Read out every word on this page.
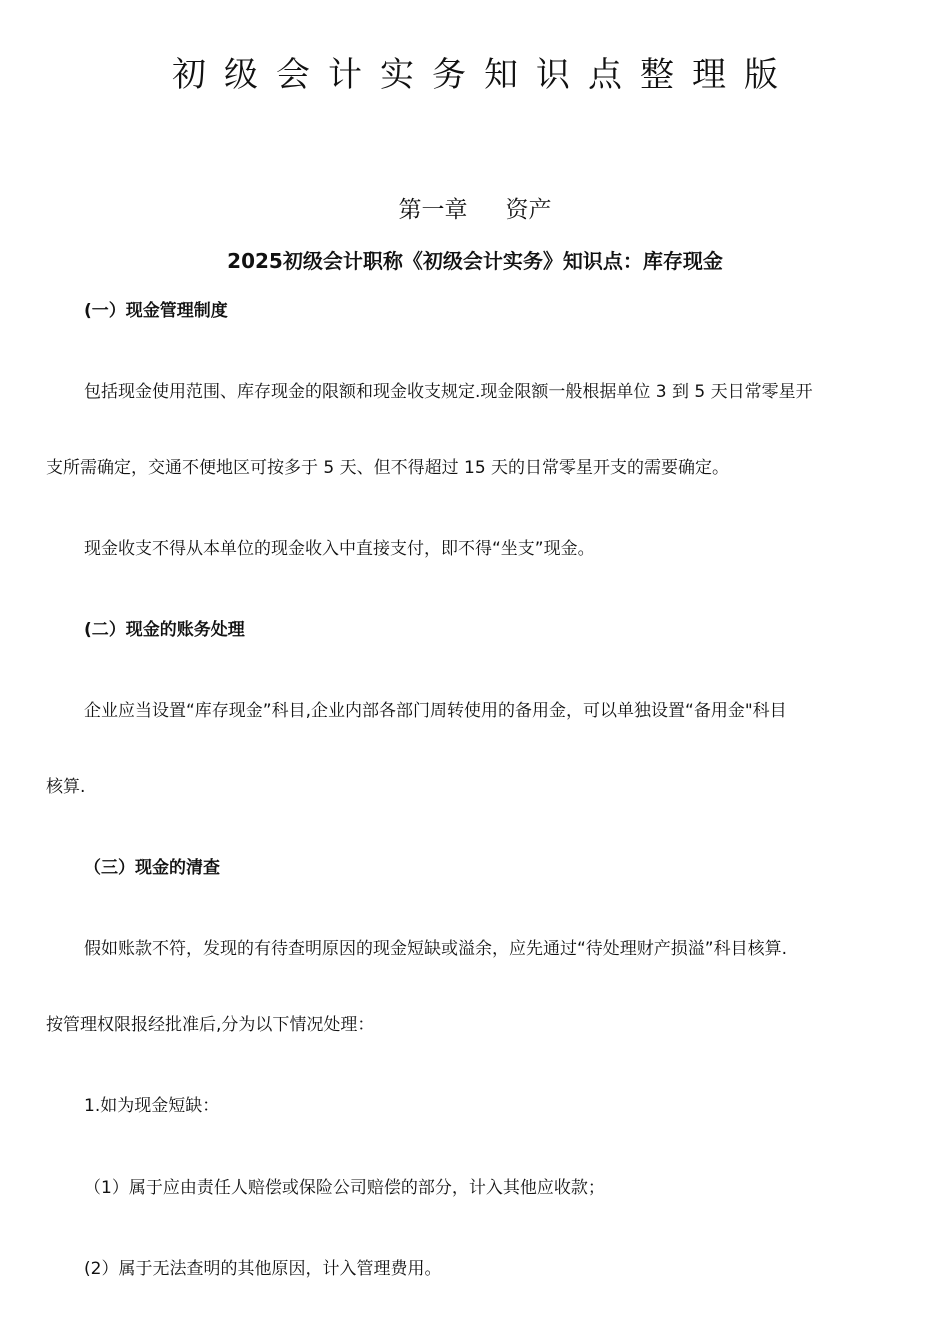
初级会计实务知识点整理版
第一章 资产
2025初级会计职称《初级会计实务》知识点：库存现金
(一）现金管理制度
包括现金使用范围、库存现金的限额和现金收支规定.现金限额一般根据单位 3 到 5 天日常零星开
支所需确定，交通不便地区可按多于 5 天、但不得超过 15 天的日常零星开支的需要确定。
现金收支不得从本单位的现金收入中直接支付，即不得“坐支”现金。
(二）现金的账务处理
企业应当设置“库存现金”科目,企业内部各部门周转使用的备用金，可以单独设置“备用金"科目
核算.
（三）现金的清查
假如账款不符，发现的有待查明原因的现金短缺或溢余，应先通过“待处理财产损溢”科目核算.
按管理权限报经批准后,分为以下情况处理：
1.如为现金短缺：
（1）属于应由责任人赔偿或保险公司赔偿的部分，计入其他应收款；
(2）属于无法查明的其他原因，计入管理费用。
